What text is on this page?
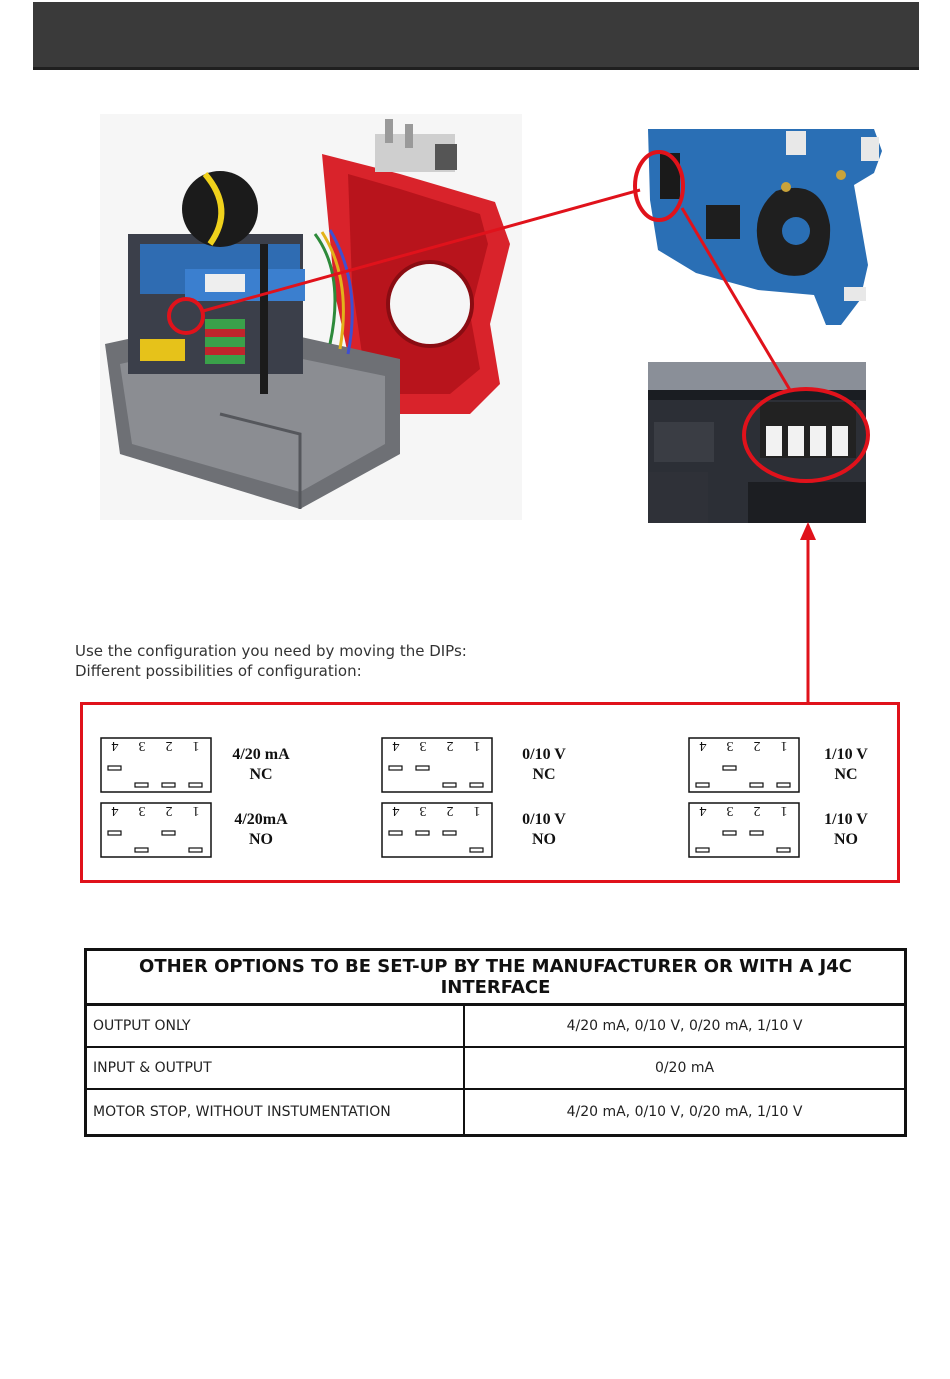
Use the configuration you need by moving the DIPs:
Different possibilities of configuration:
4 3 2 1
4/20 mA
NC
4 3 2 1
4/20mA
NO
4 3 2 1
0/10 V
NC
4 3 2 1
0/10 V
NO
4 3 2 1
1/10 V
NC
4 3 2 1
1/10 V
NO
OTHER OPTIONS TO BE SET-UP BY THE MANUFACTURER OR WITH A J4C INTERFACE	
OUTPUT ONLY	4/20 mA, 0/10 V, 0/20 mA, 1/10 V
INPUT & OUTPUT	0/20 mA
MOTOR STOP, WITHOUT INSTUMENTATION	4/20 mA, 0/10 V, 0/20 mA, 1/10 V
